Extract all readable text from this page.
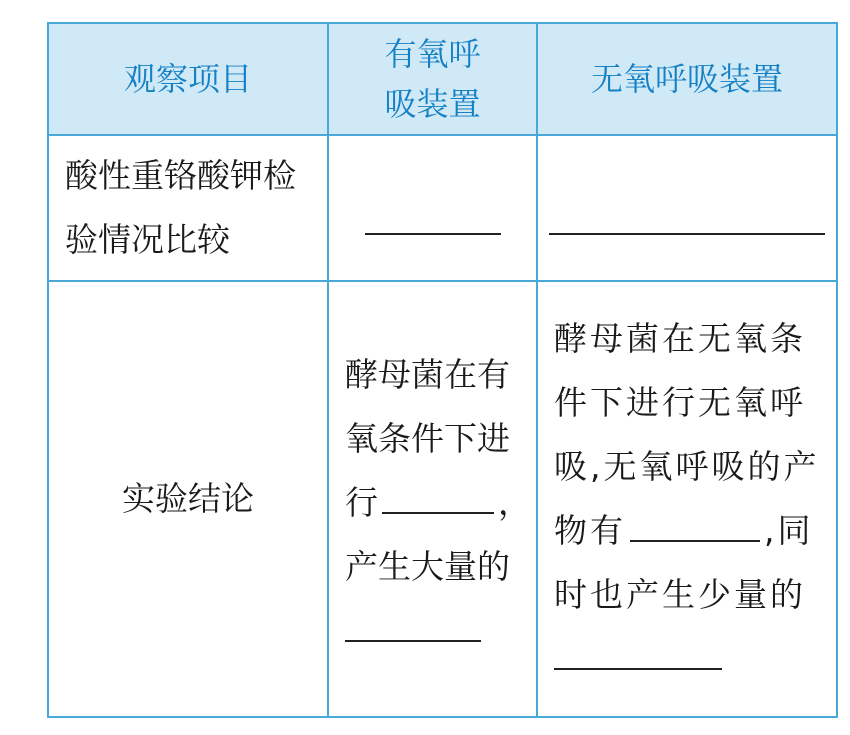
观察项目
有氧呼
吸装置
无氧呼吸装置
酸性重铬酸钾检
验情况比较
实验结论
酵母菌在有
氧条件下进
行	，
产生大量的
酵母菌在无氧条
件下进行无氧呼
吸,无氧呼吸的产
物有	,同
时也产生少量的
